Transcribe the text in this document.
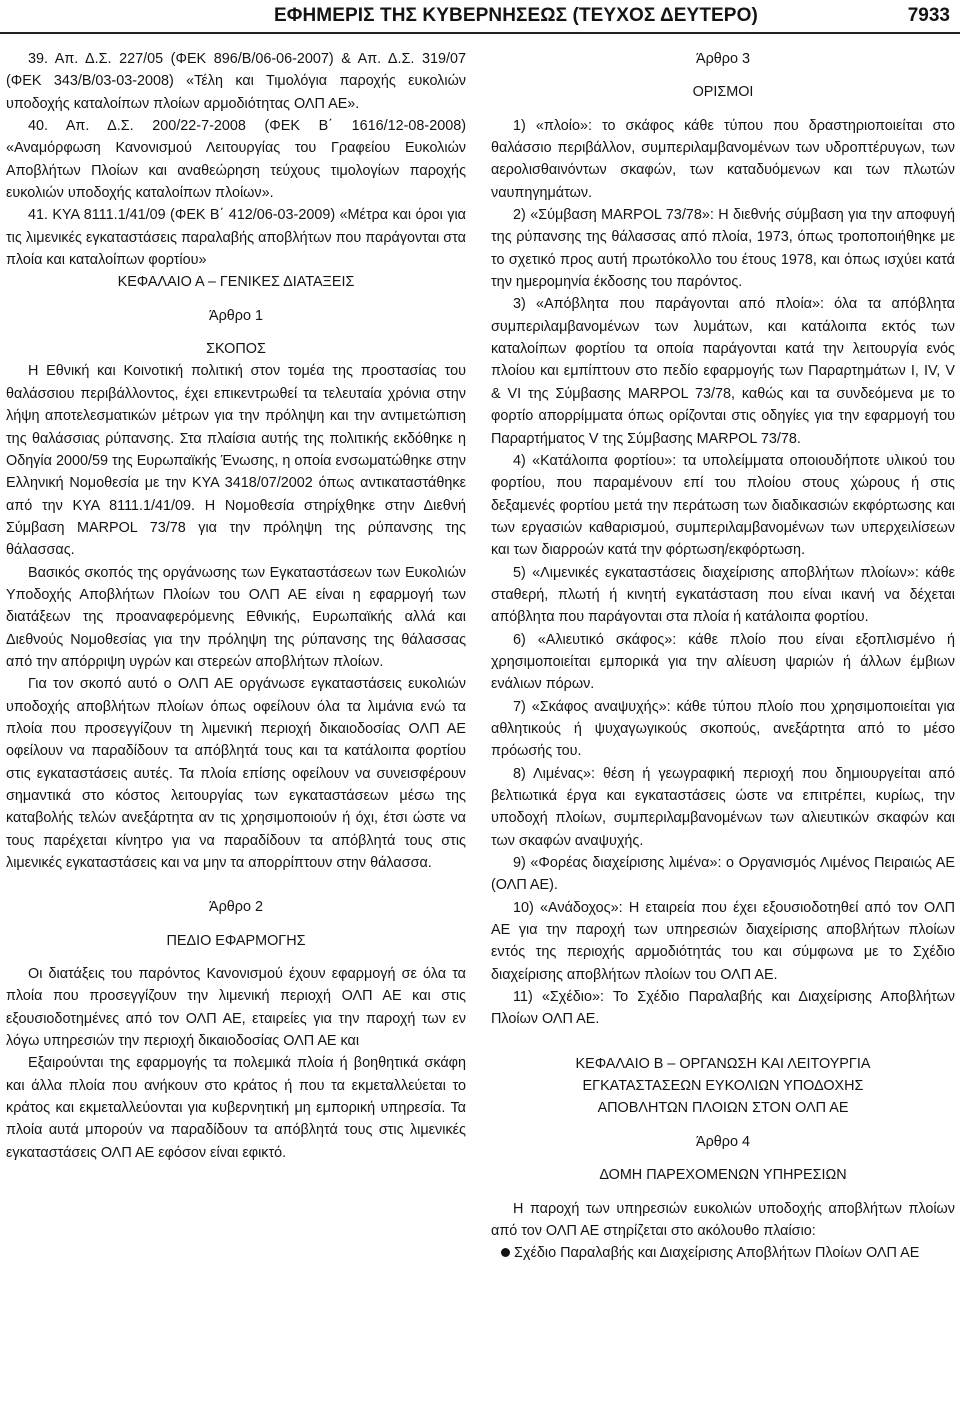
ΕΦΗΜΕΡΙΣ ΤΗΣ ΚΥΒΕΡΝΗΣΕΩΣ (ΤΕΥΧΟΣ ΔΕΥΤΕΡΟ)	7933

39. Απ. Δ.Σ. 227/05 (ΦΕΚ 896/Β/06-06-2007) & Απ. Δ.Σ. 319/07 (ΦΕΚ 343/Β/03-03-2008) «Τέλη και Τιμολόγια παροχής ευκολιών υποδοχής καταλοίπων πλοίων αρμοδιότητας ΟΛΠ ΑΕ».

40. Απ. Δ.Σ. 200/22-7-2008 (ΦΕΚ Β΄ 1616/12-08-2008) «Αναμόρφωση Κανονισμού Λειτουργίας του Γραφείου Ευκολιών Αποβλήτων Πλοίων και αναθεώρηση τεύχους τιμολογίων παροχής ευκολιών υποδοχής καταλοίπων πλοίων».

41. ΚΥΑ 8111.1/41/09 (ΦΕΚ Β΄ 412/06-03-2009) «Μέτρα και όροι για τις λιμενικές εγκαταστάσεις παραλαβής αποβλήτων που παράγονται στα πλοία και καταλοίπων φορτίου»

ΚΕΦΑΛΑΙΟ Α – ΓΕΝΙΚΕΣ ΔΙΑΤΑΞΕΙΣ

Άρθρο 1

ΣΚΟΠΟΣ

Η Εθνική και Κοινοτική πολιτική στον τομέα της προστασίας του θαλάσσιου περιβάλλοντος, έχει επικεντρωθεί τα τελευταία χρόνια στην λήψη αποτελεσματικών μέτρων για την πρόληψη και την αντιμετώπιση της θαλάσσιας ρύπανσης. Στα πλαίσια αυτής της πολιτικής εκδόθηκε η Οδηγία 2000/59 της Ευρωπαϊκής Ένωσης, η οποία ενσωματώθηκε στην Ελληνική Νομοθεσία με την ΚΥΑ 3418/07/2002 όπως αντικαταστάθηκε από την ΚΥΑ 8111.1/41/09. Η Νομοθεσία στηρίχθηκε στην Διεθνή Σύμβαση MARPOL 73/78 για την πρόληψη της ρύπανσης της θάλασσας.

Βασικός σκοπός της οργάνωσης των Εγκαταστάσεων των Ευκολιών Υποδοχής Αποβλήτων Πλοίων του ΟΛΠ ΑΕ είναι η εφαρμογή των διατάξεων της προαναφερόμενης Εθνικής, Ευρωπαϊκής αλλά και Διεθνούς Νομοθεσίας για την πρόληψη της ρύπανσης της θάλασσας από την απόρριψη υγρών και στερεών αποβλήτων πλοίων.

Για τον σκοπό αυτό ο ΟΛΠ ΑΕ οργάνωσε εγκαταστάσεις ευκολιών υποδοχής αποβλήτων πλοίων όπως οφείλουν όλα τα λιμάνια ενώ τα πλοία που προσεγγίζουν τη λιμενική περιοχή δικαιοδοσίας ΟΛΠ ΑΕ οφείλουν να παραδίδουν τα απόβλητά τους και τα κατάλοιπα φορτίου στις εγκαταστάσεις αυτές. Τα πλοία επίσης οφείλουν να συνεισφέρουν σημαντικά στο κόστος λειτουργίας των εγκαταστάσεων μέσω της καταβολής τελών ανεξάρτητα αν τις χρησιμοποιούν ή όχι, έτσι ώστε να τους παρέχεται κίνητρο για να παραδίδουν τα απόβλητά τους στις λιμενικές εγκαταστάσεις και να μην τα απορρίπτουν στην θάλασσα.

Άρθρο 2

ΠΕΔΙΟ ΕΦΑΡΜΟΓΗΣ

Οι διατάξεις του παρόντος Κανονισμού έχουν εφαρμογή σε όλα τα πλοία που προσεγγίζουν την λιμενική περιοχή ΟΛΠ ΑΕ και στις εξουσιοδοτημένες από τον ΟΛΠ ΑΕ, εταιρείες για την παροχή των εν λόγω υπηρεσιών την περιοχή δικαιοδοσίας ΟΛΠ ΑΕ και

Εξαιρούνται της εφαρμογής τα πολεμικά πλοία ή βοηθητικά σκάφη και άλλα πλοία που ανήκουν στο κράτος ή που τα εκμεταλλεύεται το κράτος και εκμεταλλεύονται για κυβερνητική μη εμπορική υπηρεσία. Τα πλοία αυτά μπορούν να παραδίδουν τα απόβλητά τους στις λιμενικές εγκαταστάσεις ΟΛΠ ΑΕ εφόσον είναι εφικτό.

Άρθρο 3

ΟΡΙΣΜΟΙ

1) «πλοίο»: το σκάφος κάθε τύπου που δραστηριοποιείται στο θαλάσσιο περιβάλλον, συμπεριλαμβανομένων των υδροπτέρυγων, των αερολισθαινόντων σκαφών, των καταδυόμενων και των πλωτών ναυπηγημάτων.

2) «Σύμβαση MARPOL 73/78»: Η διεθνής σύμβαση για την αποφυγή της ρύπανσης της θάλασσας από πλοία, 1973, όπως τροποποιήθηκε με το σχετικό προς αυτή πρωτόκολλο του έτους 1978, και όπως ισχύει κατά την ημερομηνία έκδοσης του παρόντος.

3) «Απόβλητα που παράγονται από πλοία»: όλα τα απόβλητα συμπεριλαμβανομένων των λυμάτων, και κατάλοιπα εκτός των καταλοίπων φορτίου τα οποία παράγονται κατά την λειτουργία ενός πλοίου και εμπίπτουν στο πεδίο εφαρμογής των Παραρτημάτων Ι, IV, V & VI της Σύμβασης MARPOL 73/78, καθώς και τα συνδεόμενα με το φορτίο απορρίμματα όπως ορίζονται στις οδηγίες για την εφαρμογή του Παραρτήματος V της Σύμβασης MARPOL 73/78.

4) «Κατάλοιπα φορτίου»: τα υπολείμματα οποιουδήποτε υλικού του φορτίου, που παραμένουν επί του πλοίου στους χώρους ή στις δεξαμενές φορτίου μετά την περάτωση των διαδικασιών εκφόρτωσης και των εργασιών καθαρισμού, συμπεριλαμβανομένων των υπερχειλίσεων και των διαρροών κατά την φόρτωση/εκφόρτωση.

5) «Λιμενικές εγκαταστάσεις διαχείρισης αποβλήτων πλοίων»: κάθε σταθερή, πλωτή ή κινητή εγκατάσταση που είναι ικανή να δέχεται απόβλητα που παράγονται στα πλοία ή κατάλοιπα φορτίου.

6) «Αλιευτικό σκάφος»: κάθε πλοίο που είναι εξοπλισμένο ή χρησιμοποιείται εμπορικά για την αλίευση ψαριών ή άλλων έμβιων ενάλιων πόρων.

7) «Σκάφος αναψυχής»: κάθε τύπου πλοίο που χρησιμοποιείται για αθλητικούς ή ψυχαγωγικούς σκοπούς, ανεξάρτητα από το μέσο πρόωσής του.

8) Λιμένας»: θέση ή γεωγραφική περιοχή που δημιουργείται από βελτιωτικά έργα και εγκαταστάσεις ώστε να επιτρέπει, κυρίως, την υποδοχή πλοίων, συμπεριλαμβανομένων των αλιευτικών σκαφών και των σκαφών αναψυχής.

9) «Φορέας διαχείρισης λιμένα»: ο Οργανισμός Λιμένος Πειραιώς ΑΕ (ΟΛΠ ΑΕ).

10) «Ανάδοχος»: Η εταιρεία που έχει εξουσιοδοτηθεί από τον ΟΛΠ ΑΕ για την παροχή των υπηρεσιών διαχείρισης αποβλήτων πλοίων εντός της περιοχής αρμοδιότητάς του και σύμφωνα με το Σχέδιο διαχείρισης αποβλήτων πλοίων του ΟΛΠ ΑΕ.

11) «Σχέδιο»: Το Σχέδιο Παραλαβής και Διαχείρισης Αποβλήτων Πλοίων ΟΛΠ ΑΕ.

ΚΕΦΑΛΑΙΟ Β – ΟΡΓΑΝΩΣΗ ΚΑΙ ΛΕΙΤΟΥΡΓΙΑ

ΕΓΚΑΤΑΣΤΑΣΕΩΝ ΕΥΚΟΛΙΩΝ ΥΠΟΔΟΧΗΣ

ΑΠΟΒΛΗΤΩΝ ΠΛΟΙΩΝ ΣΤΟΝ ΟΛΠ ΑΕ

Άρθρο 4

ΔΟΜΗ ΠΑΡΕΧΟΜΕΝΩΝ ΥΠΗΡΕΣΙΩΝ

Η παροχή των υπηρεσιών ευκολιών υποδοχής αποβλήτων πλοίων από τον ΟΛΠ ΑΕ στηρίζεται στο ακόλουθο πλαίσιο:

Σχέδιο Παραλαβής και Διαχείρισης Αποβλήτων Πλοίων ΟΛΠ ΑΕ
